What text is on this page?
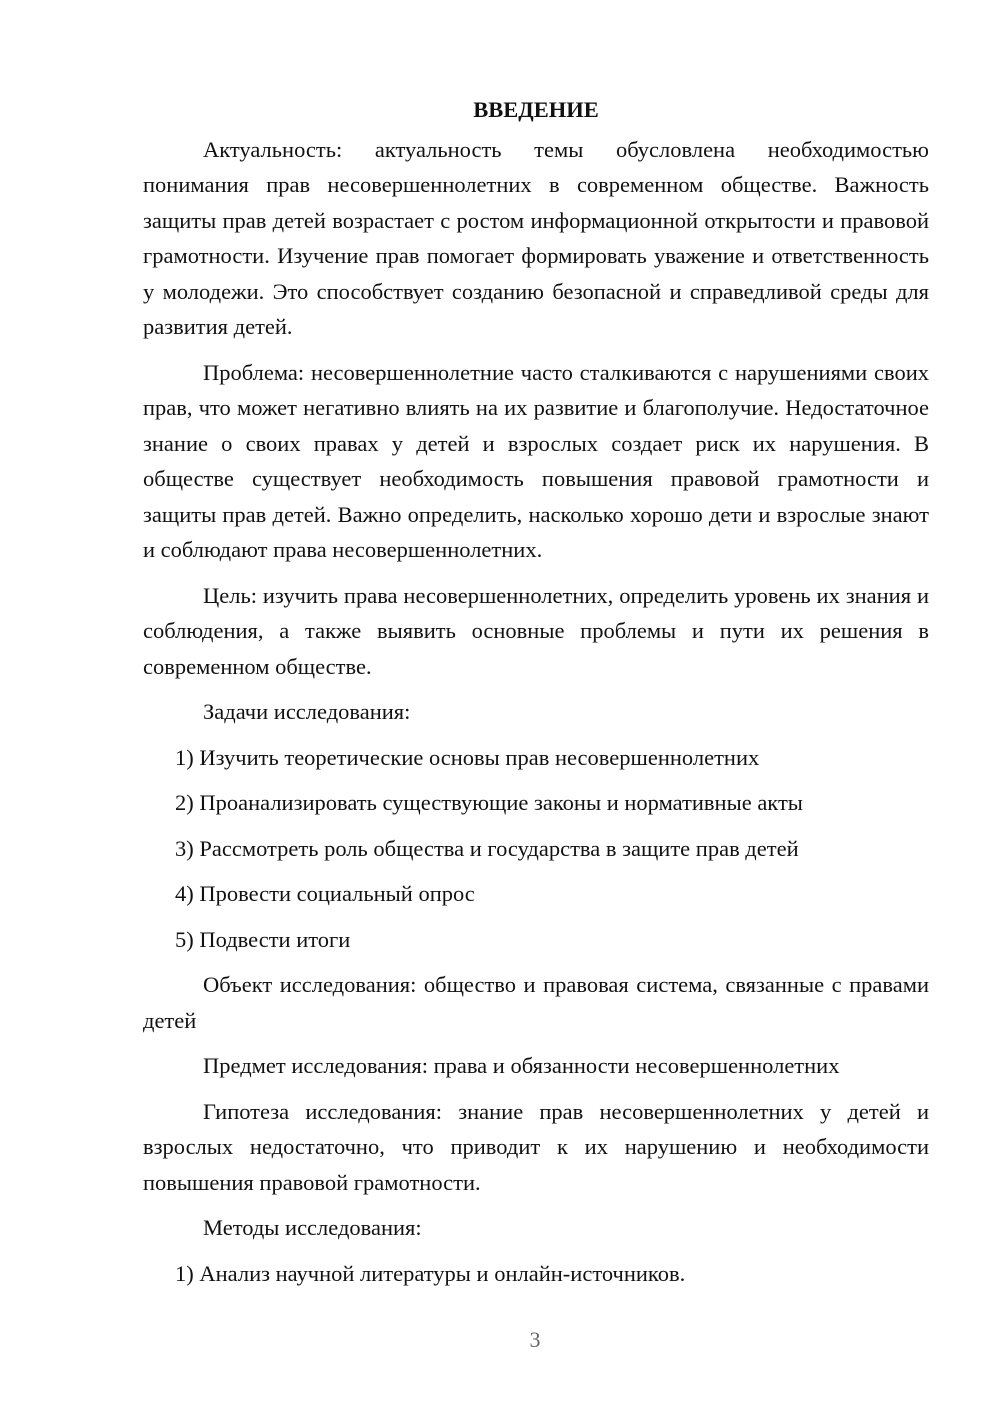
ВВЕДЕНИЕ

Актуальность: актуальность темы обусловлена необходимостью понимания прав несовершеннолетних в современном обществе. Важность защиты прав детей возрастает с ростом информационной открытости и правовой грамотности. Изучение прав помогает формировать уважение и ответственность у молодежи. Это способствует созданию безопасной и справедливой среды для развития детей.

Проблема: несовершеннолетние часто сталкиваются с нарушениями своих прав, что может негативно влиять на их развитие и благополучие. Недостаточное знание о своих правах у детей и взрослых создает риск их нарушения. В обществе существует необходимость повышения правовой грамотности и защиты прав детей. Важно определить, насколько хорошо дети и взрослые знают и соблюдают права несовершеннолетних.

Цель: изучить права несовершеннолетних, определить уровень их знания и соблюдения, а также выявить основные проблемы и пути их решения в современном обществе.

Задачи исследования:

1) Изучить теоретические основы прав несовершеннолетних

2) Проанализировать существующие законы и нормативные акты

3) Рассмотреть роль общества и государства в защите прав детей

4) Провести социальный опрос

5) Подвести итоги

Объект исследования: общество и правовая система, связанные с правами детей

Предмет исследования: права и обязанности несовершеннолетних

Гипотеза исследования: знание прав несовершеннолетних у детей и взрослых недостаточно, что приводит к их нарушению и необходимости повышения правовой грамотности.

Методы исследования:

1) Анализ научной литературы и онлайн-источников.

3
